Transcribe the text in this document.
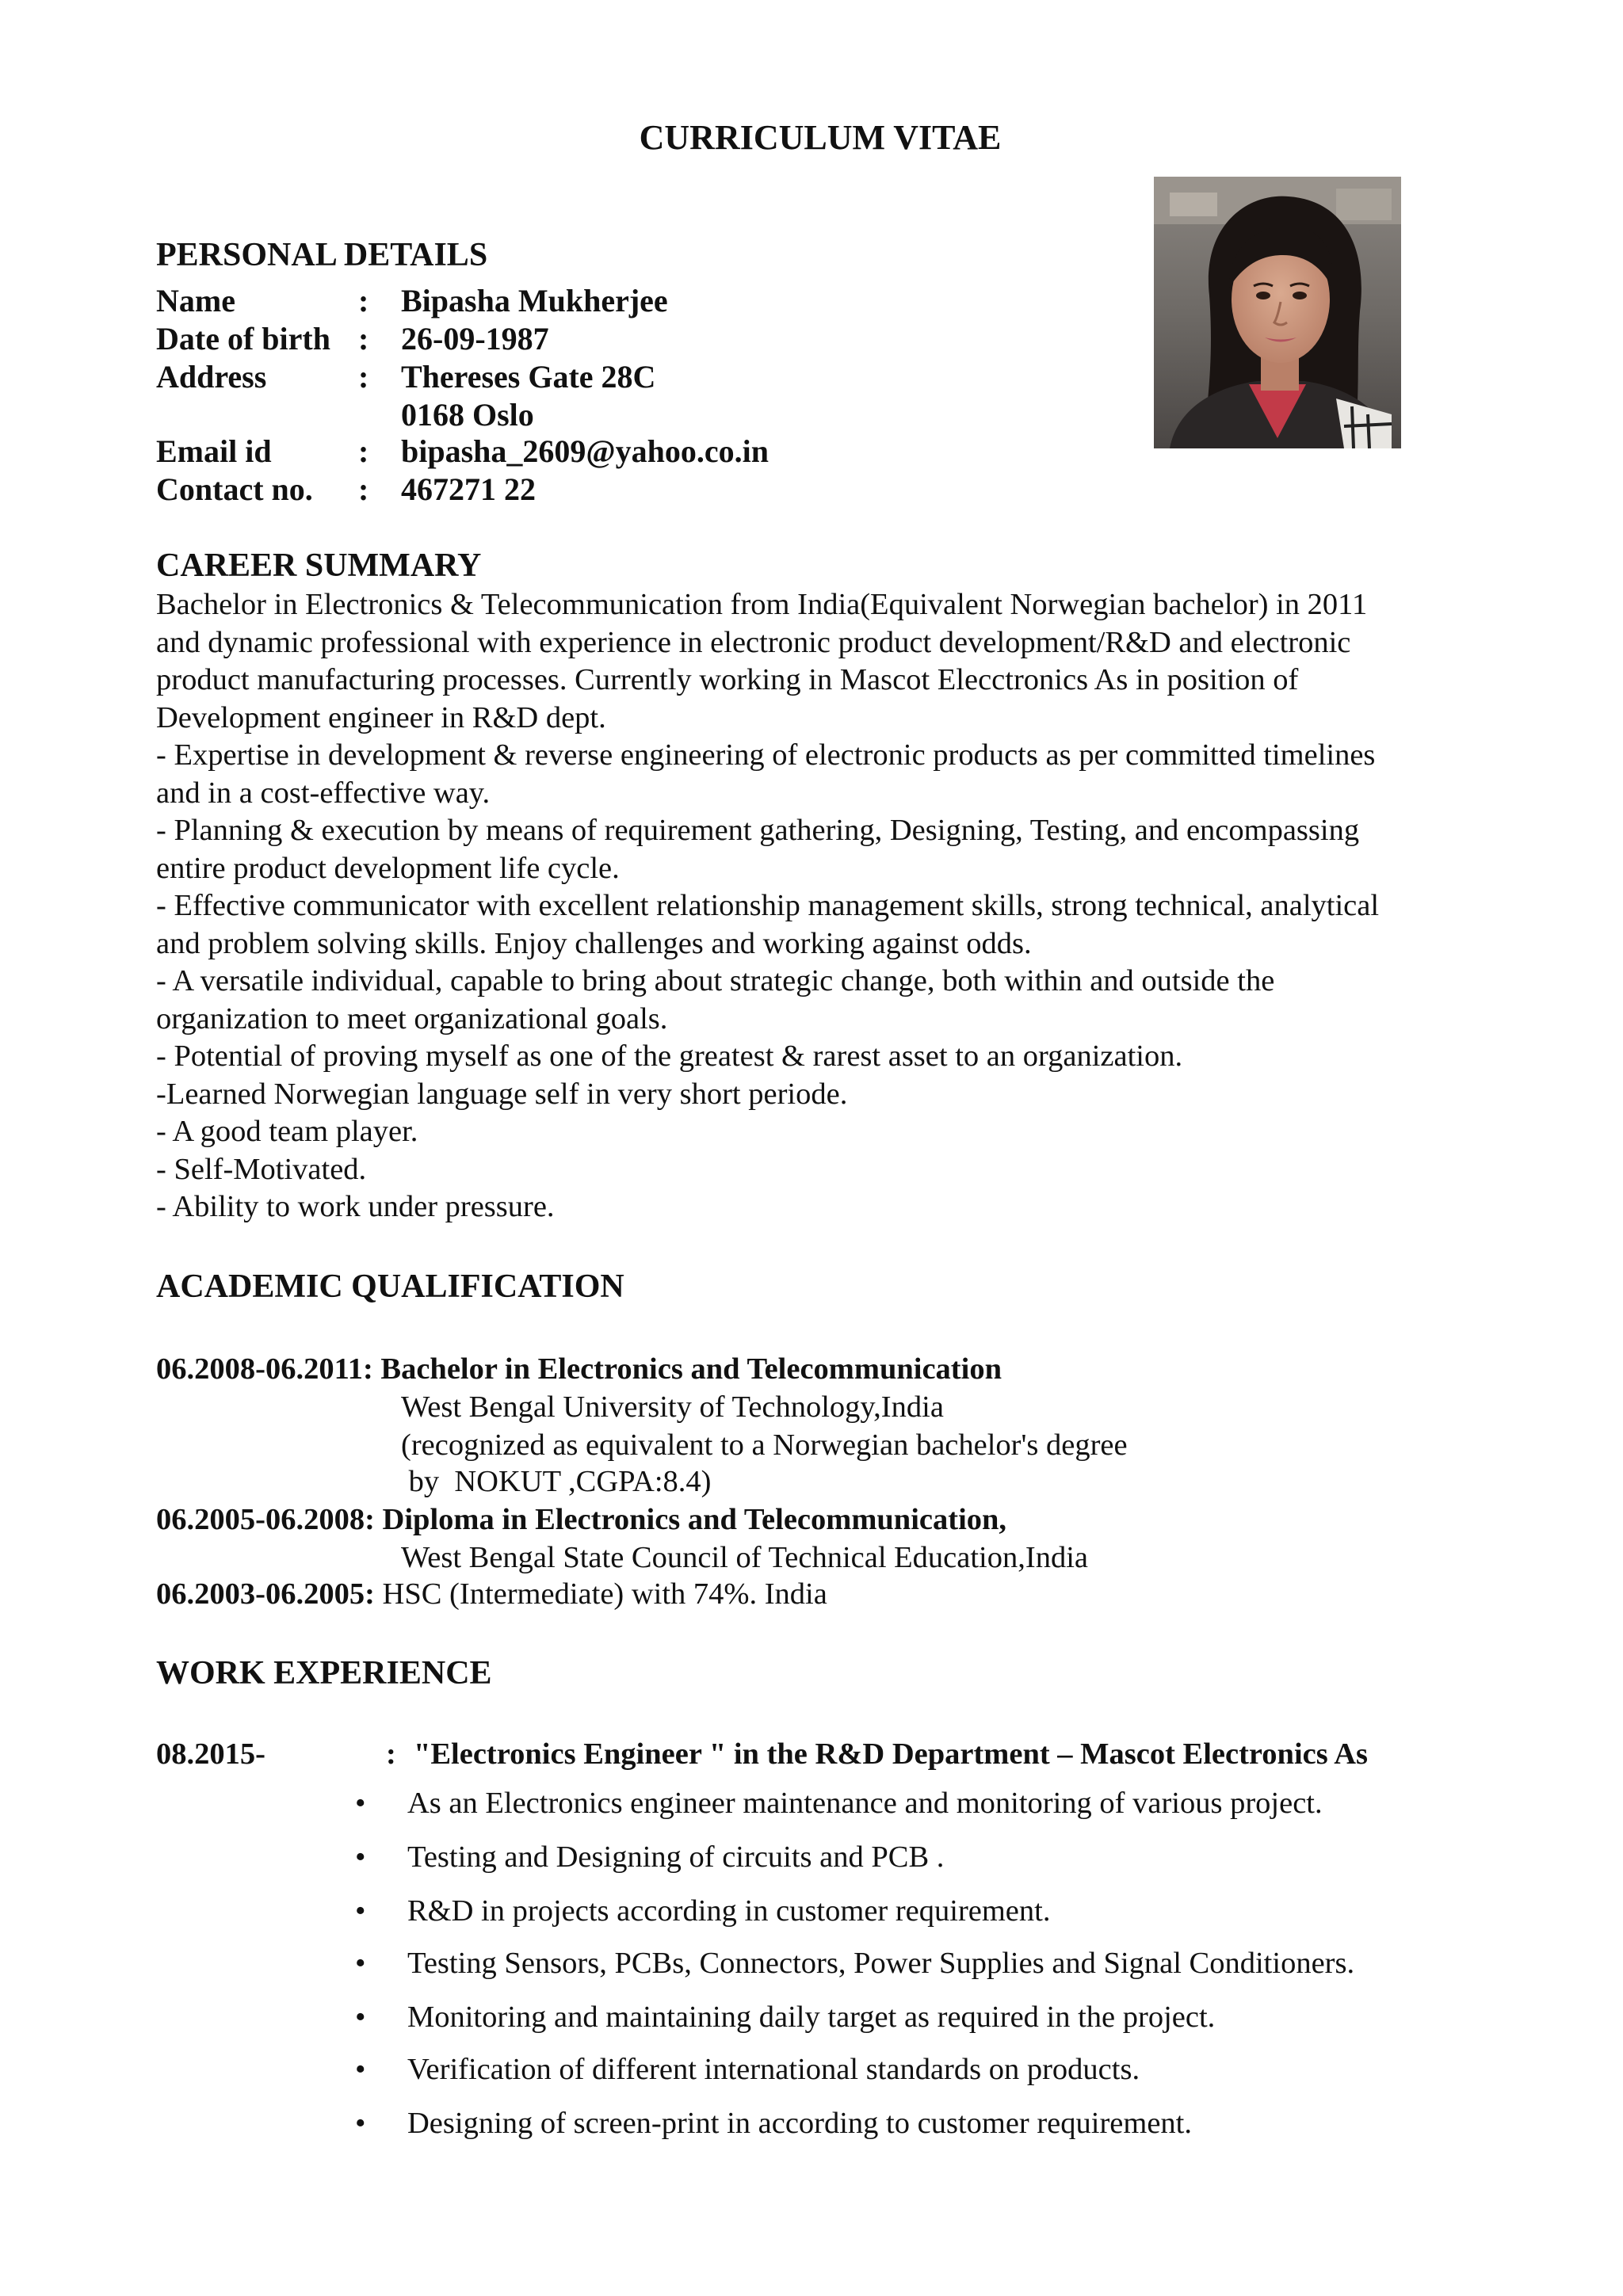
CURRICULUM VITAE
PERSONAL DETAILS
Name	: Bipasha Mukherjee
Date of birth : 26-09-1987
Address	: Thereses Gate 28C
0168 Oslo
Email id	: bipasha_2609@yahoo.co.in
Contact no. : 467271 22
CAREER SUMMARY
Bachelor in Electronics & Telecommunication from India(Equivalent Norwegian bachelor) in 2011
and dynamic professional with experience in electronic product development/R&D and electronic
product manufacturing processes. Currently working in Mascot Elecctronics As in position of
Development engineer in R&D dept.
- Expertise in development & reverse engineering of electronic products as per committed timelines
and in a cost-effective way.
- Planning & execution by means of requirement gathering, Designing, Testing, and encompassing
entire product development life cycle.
- Effective communicator with excellent relationship management skills, strong technical, analytical
and problem solving skills. Enjoy challenges and working against odds.
- A versatile individual, capable to bring about strategic change, both within and outside the
organization to meet organizational goals.
- Potential of proving myself as one of the greatest & rarest asset to an organization.
-Learned Norwegian language self in very short periode.
- A good team player.
- Self-Motivated.
- Ability to work under pressure.
ACADEMIC QUALIFICATION
06.2008-06.2011: Bachelor in Electronics and Telecommunication
West Bengal University of Technology,India
(recognized as equivalent to a Norwegian bachelor's degree
by  NOKUT ,CGPA:8.4)
06.2005-06.2008: Diploma in Electronics and Telecommunication,
West Bengal State Council of Technical Education,India
06.2003-06.2005: HSC (Intermediate) with 74%. India
WORK EXPERIENCE
08.2015-	: "Electronics Engineer " in the R&D Department – Mascot Electronics As
• As an Electronics engineer maintenance and monitoring of various project.
• Testing and Designing of circuits and PCB .
• R&D in projects according in customer requirement.
• Testing Sensors, PCBs, Connectors, Power Supplies and Signal Conditioners.
• Monitoring and maintaining daily target as required in the project.
• Verification of different international standards on products.
• Designing of screen-print in according to customer requirement.
